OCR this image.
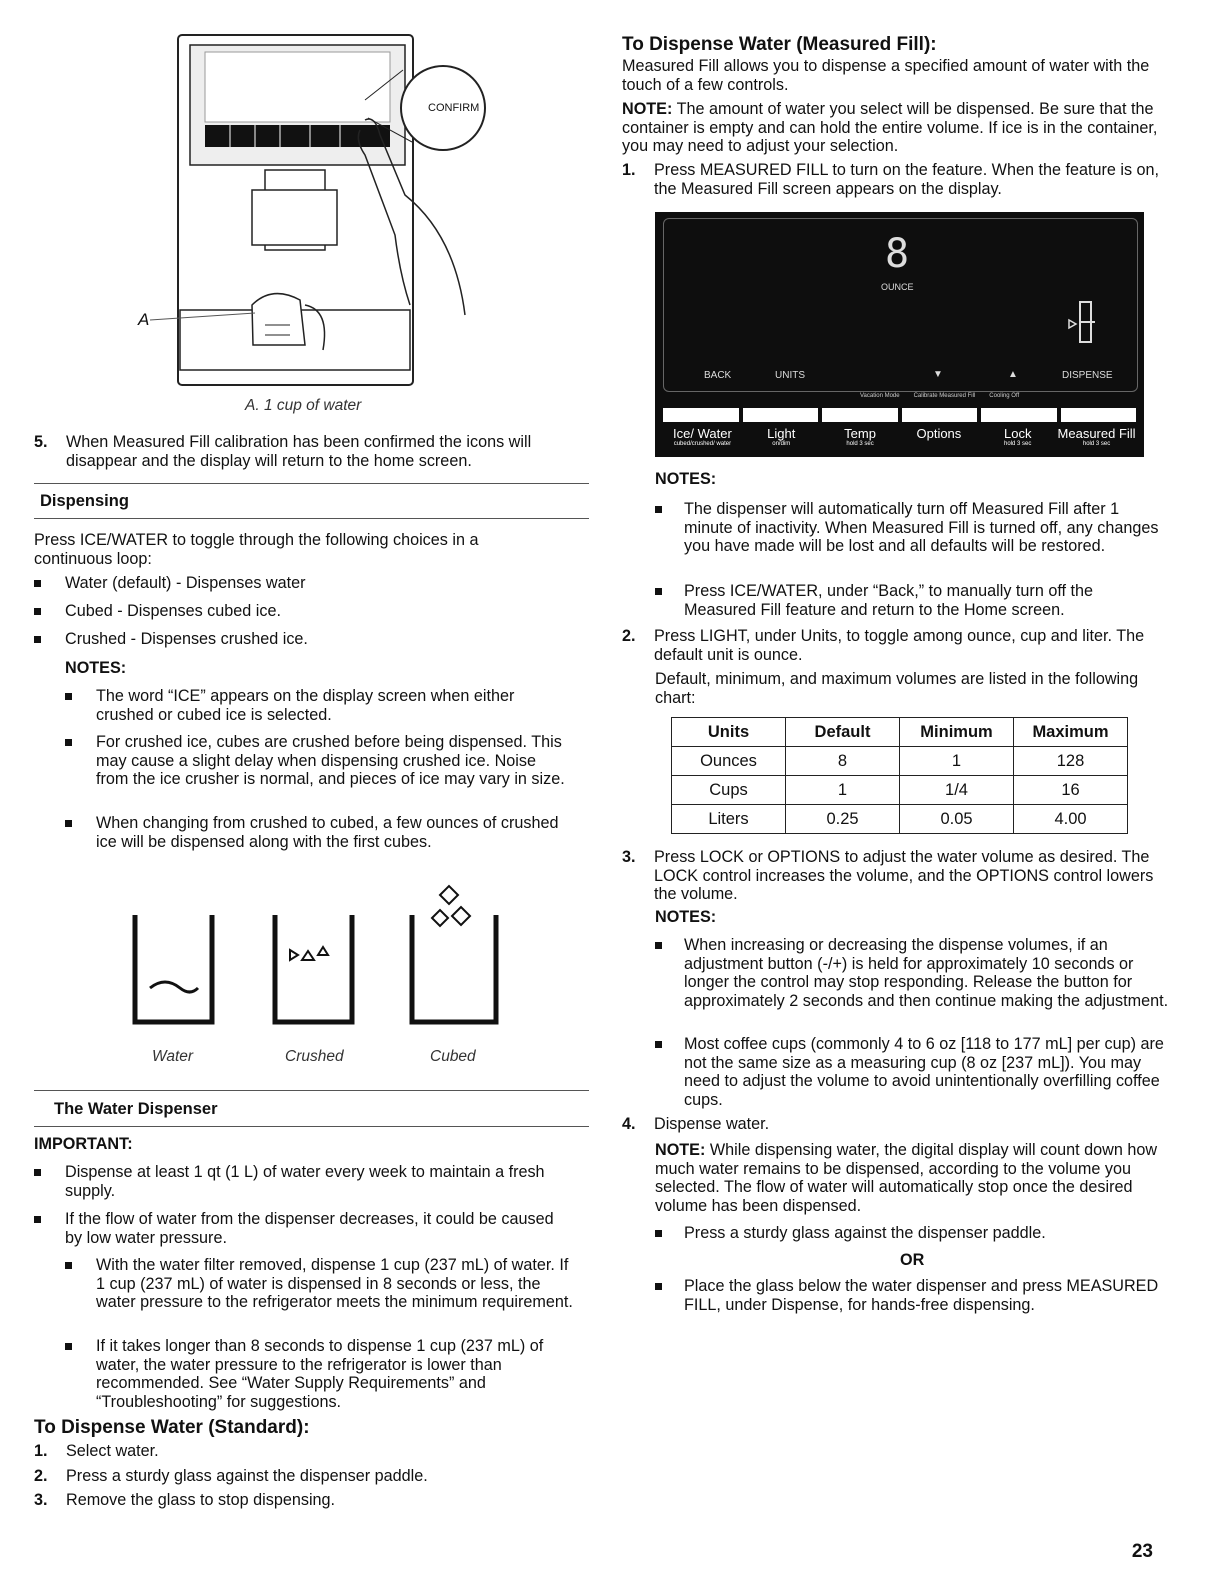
A
CONFIRM
A. 1 cup of water
5.	When Measured Fill calibration has been confirmed the icons will disappear and the display will return to the home screen.
Dispensing

Press ICE/WATER to toggle through the following choices in a continuous loop:

Water (default) - Dispenses water
Cubed - Dispenses cubed ice.
Crushed - Dispenses crushed ice.
NOTES:
The word “ICE” appears on the display screen when either crushed or cubed ice is selected.
For crushed ice, cubes are crushed before being dispensed. This may cause a slight delay when dispensing crushed ice. Noise from the ice crusher is normal, and pieces of ice may vary in size.
When changing from crushed to cubed, a few ounces of crushed ice will be dispensed along with the first cubes.
Water	Crushed	Cubed
The Water Dispenser
IMPORTANT:
Dispense at least 1 qt (1 L) of water every week to maintain a fresh supply.
If the flow of water from the dispenser decreases, it could be caused by low water pressure.
With the water filter removed, dispense 1 cup (237 mL) of water. If 1 cup (237 mL) of water is dispensed in 8 seconds or less, the water pressure to the refrigerator meets the minimum requirement.
If it takes longer than 8 seconds to dispense 1 cup (237 mL) of water, the water pressure to the refrigerator is lower than recommended. See “Water Supply Requirements” and “Troubleshooting” for suggestions.
To Dispense Water (Standard):
1.	Select water.
2.	Press a sturdy glass against the dispenser paddle.
3.	Remove the glass to stop dispensing.
To Dispense Water (Measured Fill):

Measured Fill allows you to dispense a specified amount of water with the touch of a few controls.

NOTE: The amount of water you select will be dispensed. Be sure that the container is empty and can hold the entire volume. If ice is in the container, you may need to adjust your selection.

1.	Press MEASURED FILL to turn on the feature. When the feature is on, the Measured Fill screen appears on the display.
8
OUNCE
BACK	UNITS	▼	▲	DISPENSE
Vacation Mode Calibrate Measured Fill Cooling Off
Ice/ Water
cubed/crushed/ water
Light
on/dim
Temp
hold 3 sec
Options	Lock
hold 3 sec
Measured Fill
hold 3 sec
NOTES:
The dispenser will automatically turn off Measured Fill after 1 minute of inactivity. When Measured Fill is turned off, any changes you have made will be lost and all defaults will be restored.
Press ICE/WATER, under “Back,” to manually turn off the Measured Fill feature and return to the Home screen.
2.	Press LIGHT, under Units, to toggle among ounce, cup and liter. The default unit is ounce.

Default, minimum, and maximum volumes are listed in the following chart:

Units	Default	Minimum	Maximum
Ounces	8	1	128
Cups	1	1/4	16
Liters	0.25	0.05	4.00
3.	Press LOCK or OPTIONS to adjust the water volume as desired. The LOCK control increases the volume, and the OPTIONS control lowers the volume.
NOTES:
When increasing or decreasing the dispense volumes, if an adjustment button (-/+) is held for approximately 10 seconds or longer the control may stop responding. Release the button for approximately 2 seconds and then continue making the adjustment.
Most coffee cups (commonly 4 to 6 oz [118 to 177 mL] per cup) are not the same size as a measuring cup (8 oz [237 mL]). You may need to adjust the volume to avoid unintentionally overfilling coffee cups.
4.	Dispense water.

NOTE: While dispensing water, the digital display will count down how much water remains to be dispensed, according to the volume you selected. The flow of water will automatically stop once the desired volume has been dispensed.

Press a sturdy glass against the dispenser paddle.
OR
Place the glass below the water dispenser and press MEASURED FILL, under Dispense, for hands-free dispensing.
23
